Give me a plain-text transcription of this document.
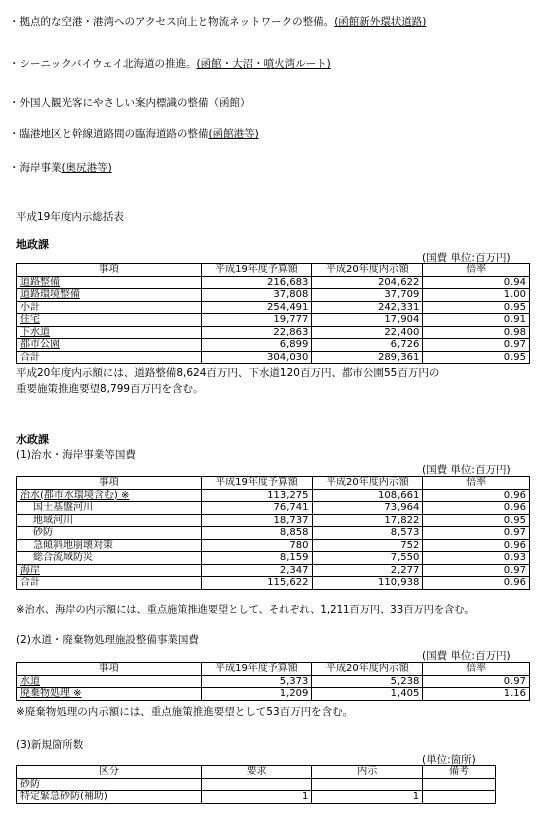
・拠点的な空港・港湾へのアクセス向上と物流ネットワークの整備。(函館新外環状道路)
・シーニックバイウェイ北海道の推進。(函館・大沼・噴火湾ルート)
・外国人観光客にやさしい案内標識の整備（函館）
・臨港地区と幹線道路間の臨海道路の整備(函館港等)
・海岸事業(奥尻港等)
平成19年度内示総括表
地政課
(国費 単位:百万円)
事項	平成19年度予算額	平成20年度内示額	倍率
道路整備	216,683	204,622	0.94
道路環境整備	37,808	37,709	1.00
小計	254,491	242,331	0.95
住宅	19,777	17,904	0.91
下水道	22,863	22,400	0.98
都市公園	6,899	6,726	0.97
合計	304,030	289,361	0.95
平成20年度内示額には、道路整備8,624百万円、下水道120百万円、都市公園55百万円の
重要施策推進要望8,799百万円を含む。
水政課
(1)治水・海岸事業等国費
(国費 単位:百万円)
事項	平成19年度予算額	平成20年度内示額	倍率
治水(都市水環境含む) ※	113,275	108,661	0.96
国土基盤河川	76,741	73,964	0.96
地域河川	18,737	17,822	0.95
砂防	8,858	8,573	0.97
急傾斜地崩壊対策	780	752	0.96
総合流域防災	8,159	7,550	0.93
海岸	2,347	2,277	0.97
合計	115,622	110,938	0.96
※治水、海岸の内示額には、重点施策推進要望として、それぞれ、1,211百万円、33百万円を含む。
(2)水道・廃棄物処理施設整備事業国費
(国費 単位:百万円)
事項	平成19年度予算額	平成20年度内示額	倍率
水道	5,373	5,238	0.97
廃棄物処理 ※	1,209	1,405	1.16
※廃棄物処理の内示額には、重点施策推進要望として53百万円を含む。
(3)新規箇所数
(単位:箇所)
区分	要求	内示	備考
砂防			
特定緊急砂防(補助)	1	1	
